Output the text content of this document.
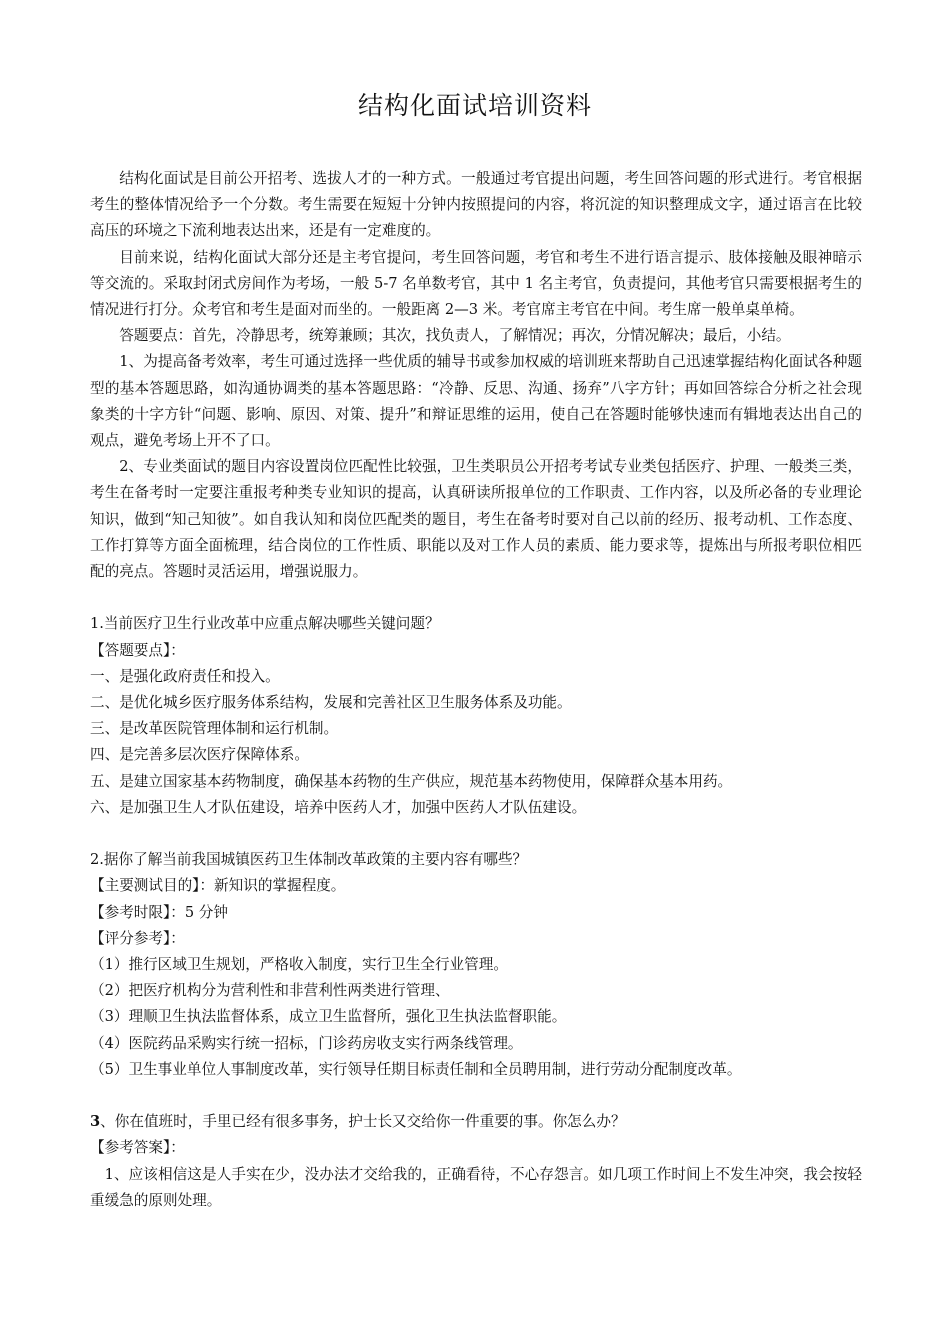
结构化面试培训资料

结构化面试是目前公开招考、选拔人才的一种方式。一般通过考官提出问题，考生回答问题的形式进行。考官根据考生的整体情况给予一个分数。考生需要在短短十分钟内按照提问的内容，将沉淀的知识整理成文字，通过语言在比较高压的环境之下流利地表达出来，还是有一定难度的。

目前来说，结构化面试大部分还是主考官提问，考生回答问题，考官和考生不进行语言提示、肢体接触及眼神暗示等交流的。采取封闭式房间作为考场，一般 5-7 名单数考官，其中 1 名主考官，负责提问，其他考官只需要根据考生的情况进行打分。众考官和考生是面对而坐的。一般距离 2—3 米。考官席主考官在中间。考生席一般单桌单椅。

答题要点：首先，冷静思考，统筹兼顾；其次，找负责人，了解情况；再次，分情况解决；最后，小结。

1、为提高备考效率，考生可通过选择一些优质的辅导书或参加权威的培训班来帮助自己迅速掌握结构化面试各种题型的基本答题思路，如沟通协调类的基本答题思路：“冷静、反思、沟通、扬弃”八字方针；再如回答综合分析之社会现象类的十字方针“问题、影响、原因、对策、提升”和辩证思维的运用，使自己在答题时能够快速而有辑地表达出自己的观点，避免考场上开不了口。

2、专业类面试的题目内容设置岗位匹配性比较强，卫生类职员公开招考考试专业类包括医疗、护理、一般类三类，考生在备考时一定要注重报考种类专业知识的提高，认真研读所报单位的工作职责、工作内容，以及所必备的专业理论知识，做到“知己知彼”。如自我认知和岗位匹配类的题目，考生在备考时要对自己以前的经历、报考动机、工作态度、工作打算等方面全面梳理，结合岗位的工作性质、职能以及对工作人员的素质、能力要求等，提炼出与所报考职位相匹配的亮点。答题时灵活运用，增强说服力。

1.当前医疗卫生行业改革中应重点解决哪些关键问题？

【答题要点】：

一、是强化政府责任和投入。

二、是优化城乡医疗服务体系结构，发展和完善社区卫生服务体系及功能。

三、是改革医院管理体制和运行机制。

四、是完善多层次医疗保障体系。

五、是建立国家基本药物制度，确保基本药物的生产供应，规范基本药物使用，保障群众基本用药。

六、是加强卫生人才队伍建设，培养中医药人才，加强中医药人才队伍建设。

2.据你了解当前我国城镇医药卫生体制改革政策的主要内容有哪些？

【主要测试目的】：新知识的掌握程度。

【参考时限】：5 分钟

【评分参考】：

（1）推行区域卫生规划，严格收入制度，实行卫生全行业管理。

（2）把医疗机构分为营利性和非营利性两类进行管理、

（3）理顺卫生执法监督体系，成立卫生监督所，强化卫生执法监督职能。

（4）医院药品采购实行统一招标，门诊药房收支实行两条线管理。

（5）卫生事业单位人事制度改革，实行领导任期目标责任制和全员聘用制，进行劳动分配制度改革。

3、你在值班时，手里已经有很多事务，护士长又交给你一件重要的事。你怎么办？

【参考答案】：

1、应该相信这是人手实在少，没办法才交给我的，正确看待，不心存怨言。如几项工作时间上不发生冲突，我会按轻重缓急的原则处理。
